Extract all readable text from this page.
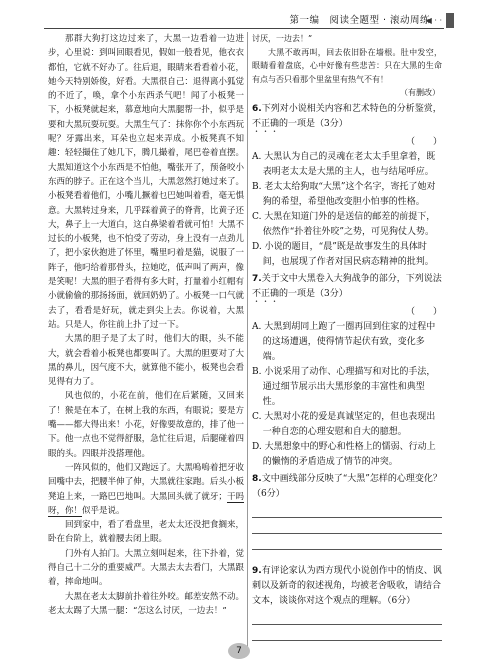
第一编　阅读全题型 · 滚动周练
◀ · ·

那群大狗打这边过来了，大黑一边看着一边进步，心里说：到叫回眼看见，假如一般看见，他衣衣都怕，它就不好办了。往后退，眼睛来看看着小花，她今天特别娇俊，好看。大黑很自己：退得离小狐觉的不近了，唤，拿个小东西杀气吧！闻了小板凳一下，小板凳就起来，慕意地向大黑腿帮一扑，似乎是要和大黑玩耍玩耍。大黑生气了：抹你你个小东西玩呢？牙露出来，耳朵也立起来弄成。小板凳真不知趣：轻轻撮住了她几下，腾几撮着，尾巴卷着直摆。大黑知道这个小东西是不怕他，嘴张开了，预备咬小东西的脖子。正在这个当儿，大黑忽然打她过来了。小板凳看着他们，小嘴儿撅着乜巴她叫着看，毫无惧意。大黑转过身来，几乎踩着黄子的脊背，比黄子还大，鼻子上一大道白，这白鼻梁着看就可怕！大黑不过长的小板凳，也不怕受了劳动，身上没有一点劲儿了，把小家伙抱进了怀里，嘴里叼着是猫，说服了一阵子，他叼给着那骨头，拉她吃，低声叫了两声，像是笑呢！大黑的胆子看得有多大时，打量着小红帽有小就偷偷的那扬扬面，就回奶奶了。小板凳一口气就去了，看看是好玩，就走到尖上去。你说着，大黑站。只是人，你往前上扑了过一下。

大黑的胆子是了太了时，他们大的眼，头不能大，就会看着小板凳也都要叫了。大黑的胆要对了大黑的鼻儿，因气度不大，就算他不能小，板凳也会看见得有力了。

风也似的，小花在前，他们在后紧随，又回来了！猴是在本了，在树上我的东西，有眼说；要是方嘴——都大得出来！小花，好像要故意的，排了他一下。他一点也不觉得舒服，急忙往后退，后腿碰着四眼的头。四眼并没搭理他。

一阵风似的，他们又跑远了。大黑嗚嗚着把牙收回嘴中去，把腰半伸了伸，大黑就往家跑。后头小板凳追上来，一路巴巴地叫。大黑回头就了就牙；干吗呀，你！似乎是说。

回到家中，看了看盘里，老太太还没把食搁来，卧在台阶上，就着腰去闭上眼。

门外有人拍门。大黑立刻叫起来，往下扑着，觉得自己十二分的重要威严。大黑去太去看门，大黑跟着，摔命地叫。

大黑在老太太脚前扑着往外咬。邮差安然不动。老太太踢了大黑一腿：“怎这么讨厌，一边去！”

讨厌，一边去！”

大黑不敢再叫，回去依旧卧在墙根。肚中发空，眼睛看着盘底，心中好像有些悲苦：只在大黑的生命有点与否只看那个里盆里有热气不有！

（有删改）

6.下列对小说相关内容和艺术特色的分析鉴赏，不正确的一项是（3分）

（　　）

A. 大黑认为自己的灵魂在老太太手里拿着，既表明老太太是大黑的主人，也与结尾呼应。

B. 老太太给狗取“大黑”这个名字，寄托了她对狗的希望，希望他改变胆小怕事的性格。

C. 大黑在知道门外的是送信的邮差的前提下，依然作“扑着往外咬”之势，可见狗仗人势。

D. 小说的题目，“晨”既是故事发生的具体时间，也展现了作者对国民病态精神的批判。

7.关于文中大黑卷入大狗战争的部分，下列说法不正确的一项是（3分）

（　　）

A. 大黑到胡同上跑了一圈再回到住家的过程中的这场遭遇，使得情节起伏有致，变化多端。

B. 小说采用了动作、心理描写和对比的手法，通过细节展示出大黑形象的丰富性和典型性。

C. 大黑对小花的爱是真诚坚定的，但也表现出一种自恋的心理安慰和自大的臆想。

D. 大黑想象中的野心和性格上的懦弱、行动上的懒惰的矛盾造成了情节的冲突。

8.文中画线部分反映了“大黑”怎样的心理变化？（6分）

9.有评论家认为西方现代小说创作中的悄皮、讽刺以及新奇的叙述视角，均被老舍吸收，请结合文本，谈谈你对这个观点的理解。（6分）

7
